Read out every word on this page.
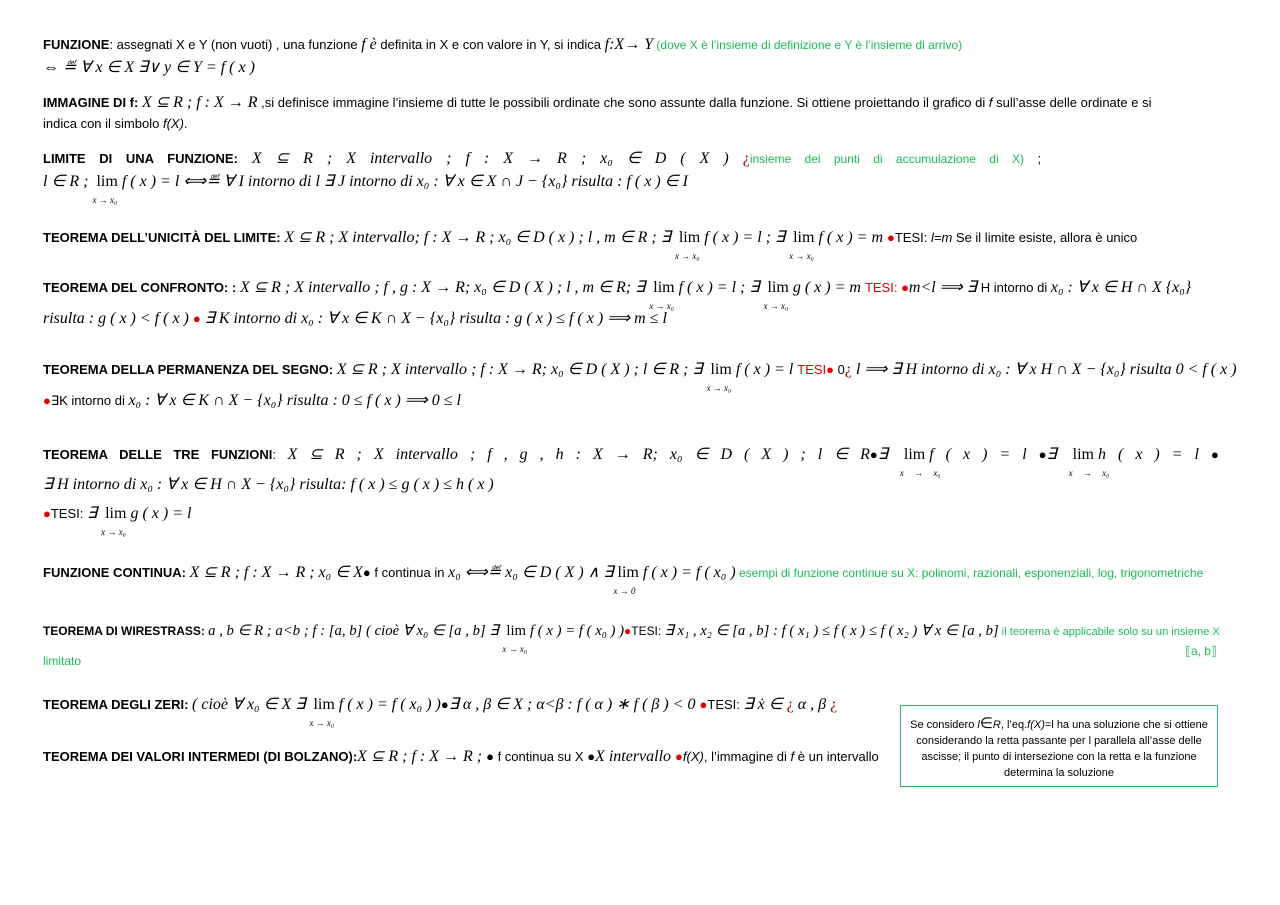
FUNZIONE: assegnati X e Y (non vuoti) , una funzione f è definita in X e con valore in Y, si indica f:X→ Y (dove X è l’insieme di definizione e Y è l’insieme di arrivo)
⇔ ≝ ∀ x ∈ X ∃∨ y ∈ Y = f ( x )
IMMAGINE DI f: X ⊆ R ; f : X → R ,si definisce immagine l’insieme di tutte le possibili ordinate che sono assunte dalla funzione. Si ottiene proiettando il grafico di f sull’asse delle ordinate e si
indica con il simbolo f(X).
LIMITE DI UNA FUNZIONE: X ⊆ R ; X intervallo ; f : X → R ; x₀ ∈ D ( X ) ¿insieme dei punti di accumulazione di X) ;
l ∈ R ; lim
x → x₀
f ( x ) = l ⟺≝ ∀ I intorno di l ∃ J intorno di x₀ : ∀ x ∈ X ∩ J − {x₀} risulta : f ( x ) ∈ I
TEOREMA DELL’UNICITÀ DEL LIMITE: X ⊆ R ; X intervallo; f : X → R ; x₀ ∈ D ( x ) ; l , m ∈ R ; ∃ lim
x → x₀
f ( x ) = l ; ∃ lim
x → x₀
f ( x ) = m ●TESI: l=m Se il limite esiste, allora è unico
TEOREMA DEL CONFRONTO: : X ⊆ R ; X intervallo ; f , g : X → R; x₀ ∈ D ( X ) ; l , m ∈ R; ∃ lim
x → x₀
f ( x ) = l ; ∃ lim
x → x₀
g ( x ) = m TESI: ●m<l ⟹ ∃ H intorno di x₀ : ∀ x ∈ H ∩ X {x₀}
risulta : g ( x ) < f ( x ) ● ∃ K intorno di x₀ : ∀ x ∈ K ∩ X − {x₀} risulta : g ( x ) ≤ f ( x ) ⟹ m ≤ l
TEOREMA DELLA PERMANENZA DEL SEGNO: X ⊆ R ; X intervallo ; f : X → R; x₀ ∈ D ( X ) ; l ∈ R ; ∃ lim
x → x₀
f ( x ) = l TESI● 0¿ l ⟹ ∃ H intorno di x₀ : ∀ x H ∩ X − {x₀} risulta 0 < f ( x )
●∃K intorno di x₀ : ∀ x ∈ K ∩ X − {x₀} risulta : 0 ≤ f ( x ) ⟹ 0 ≤ l
TEOREMA DELLE TRE FUNZIONI: X ⊆ R ; X intervallo ; f , g , h : X → R; x₀ ∈ D ( X ) ; l ∈ R●∃ lim
x → x₀
f ( x ) = l ●∃ lim
x → x₀
h ( x ) = l ●
∃ H intorno di x₀ : ∀ x ∈ H ∩ X − {x₀} risulta: f ( x ) ≤ g ( x ) ≤ h ( x )
●TESI: ∃ lim
x → x₀
g ( x ) = l
FUNZIONE CONTINUA: X ⊆ R ; f : X → R ; x₀ ∈ X● f continua in x₀ ⟺≝ x₀ ∈ D ( X ) ∧ ∃ lim
x → 0
f ( x ) = f ( x₀ ) esempi di funzione continue su X: polinomi, razionali, esponenziali, log, trigonometriche
TEOREMA DI WIRESTRASS: a , b ∈ R ; a<b ; f : [a, b] ( cioè ∀ x₀ ∈ [a , b] ∃ lim
x → x₀
f ( x ) = f ( x₀ ) )●TESI: ∃ x₁ , x₂ ∈ [a , b] : f ( x₁ ) ≤ f ( x ) ≤ f ( x₂ ) ∀ x ∈ [a , b] il teorema è applicabile solo su un insieme X
⟦a, b⟧
limitato
TEOREMA DEGLI ZERI: ( cioè ∀ x₀ ∈ X ∃ lim
x → x₀
f ( x ) = f ( x₀ ) )●∃ α , β ∈ X ; α<β : f ( α ) ∗ f ( β ) < 0 ●TESI: ∃ ẋ ∈ ¿ α , β ¿
TEOREMA DEI VALORI INTERMEDI (DI BOLZANO):X ⊆ R ; f : X → R ; ● f continua su X ●X intervallo ●f(X), l’immagine di f è un intervallo
Se considero l∈R, l’eq.f(X)=l ha una soluzione che si ottiene
considerando la retta passante per l parallela all’asse delle
ascisse; il punto di intersezione con la retta e la funzione
determina la soluzione
